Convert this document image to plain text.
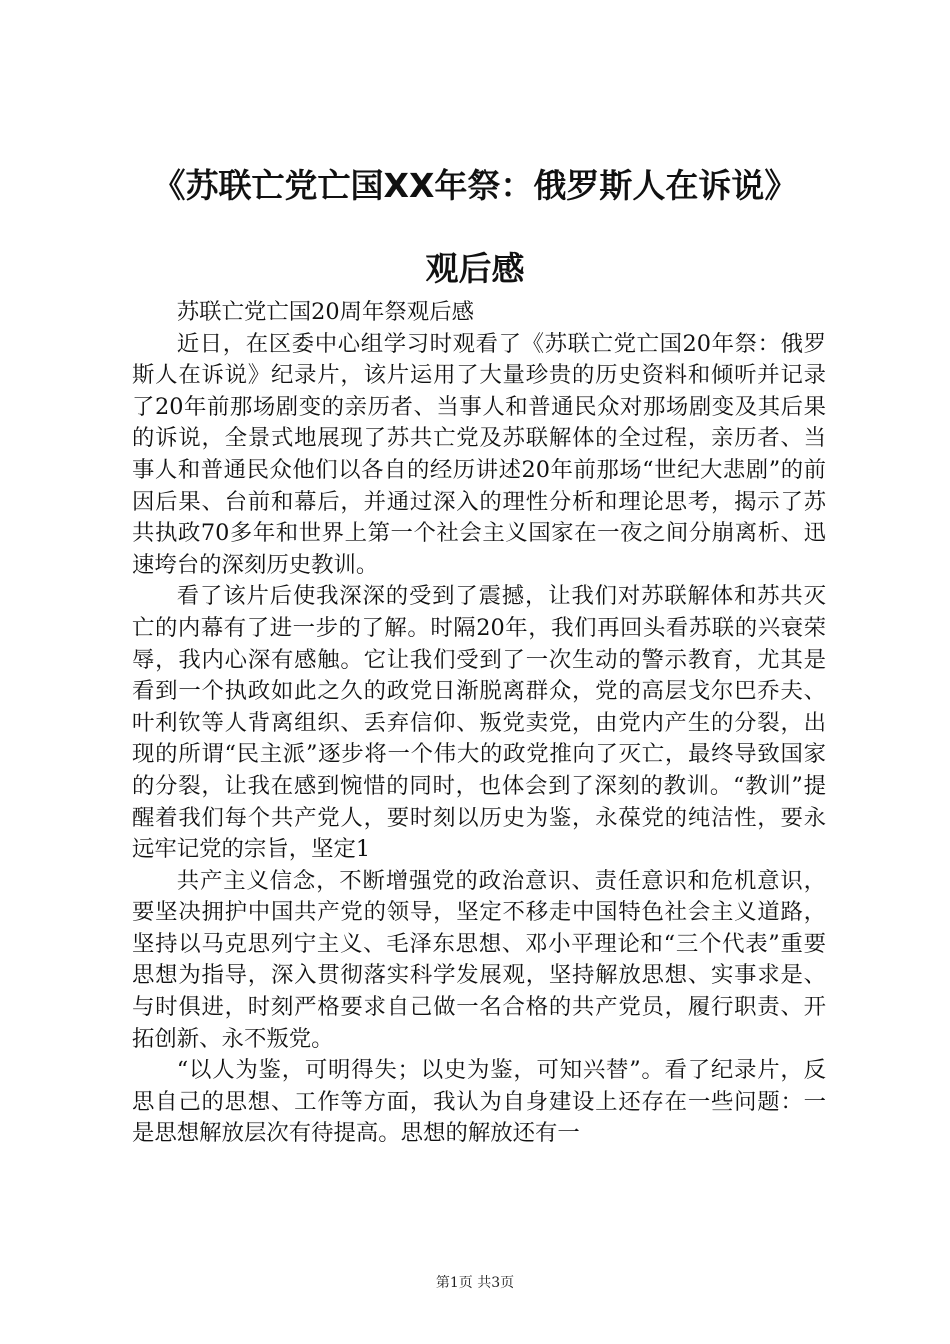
《苏联亡党亡国XX年祭：俄罗斯人在诉说》
观后感

苏联亡党亡国20周年祭观后感

近日，在区委中心组学习时观看了《苏联亡党亡国20年祭：俄罗斯人在诉说》纪录片，该片运用了大量珍贵的历史资料和倾听并记录了20年前那场剧变的亲历者、当事人和普通民众对那场剧变及其后果的诉说，全景式地展现了苏共亡党及苏联解体的全过程，亲历者、当事人和普通民众他们以各自的经历讲述20年前那场“世纪大悲剧”的前因后果、台前和幕后，并通过深入的理性分析和理论思考，揭示了苏共执政70多年和世界上第一个社会主义国家在一夜之间分崩离析、迅速垮台的深刻历史教训。

看了该片后使我深深的受到了震撼，让我们对苏联解体和苏共灭亡的内幕有了进一步的了解。时隔20年，我们再回头看苏联的兴衰荣辱，我内心深有感触。它让我们受到了一次生动的警示教育，尤其是看到一个执政如此之久的政党日渐脱离群众，党的高层戈尔巴乔夫、叶利钦等人背离组织、丢弃信仰、叛党卖党，由党内产生的分裂，出现的所谓“民主派”逐步将一个伟大的政党推向了灭亡，最终导致国家的分裂，让我在感到惋惜的同时，也体会到了深刻的教训。“教训”提醒着我们每个共产党人，要时刻以历史为鉴，永葆党的纯洁性，要永远牢记党的宗旨，坚定1

共产主义信念，不断增强党的政治意识、责任意识和危机意识，要坚决拥护中国共产党的领导，坚定不移走中国特色社会主义道路，坚持以马克思列宁主义、毛泽东思想、邓小平理论和“三个代表”重要思想为指导，深入贯彻落实科学发展观，坚持解放思想、实事求是、与时俱进，时刻严格要求自己做一名合格的共产党员，履行职责、开拓创新、永不叛党。

“以人为鉴，可明得失；以史为鉴，可知兴替”。看了纪录片，反思自己的思想、工作等方面，我认为自身建设上还存在一些问题：一是思想解放层次有待提高。思想的解放还有一

第1页 共3页
